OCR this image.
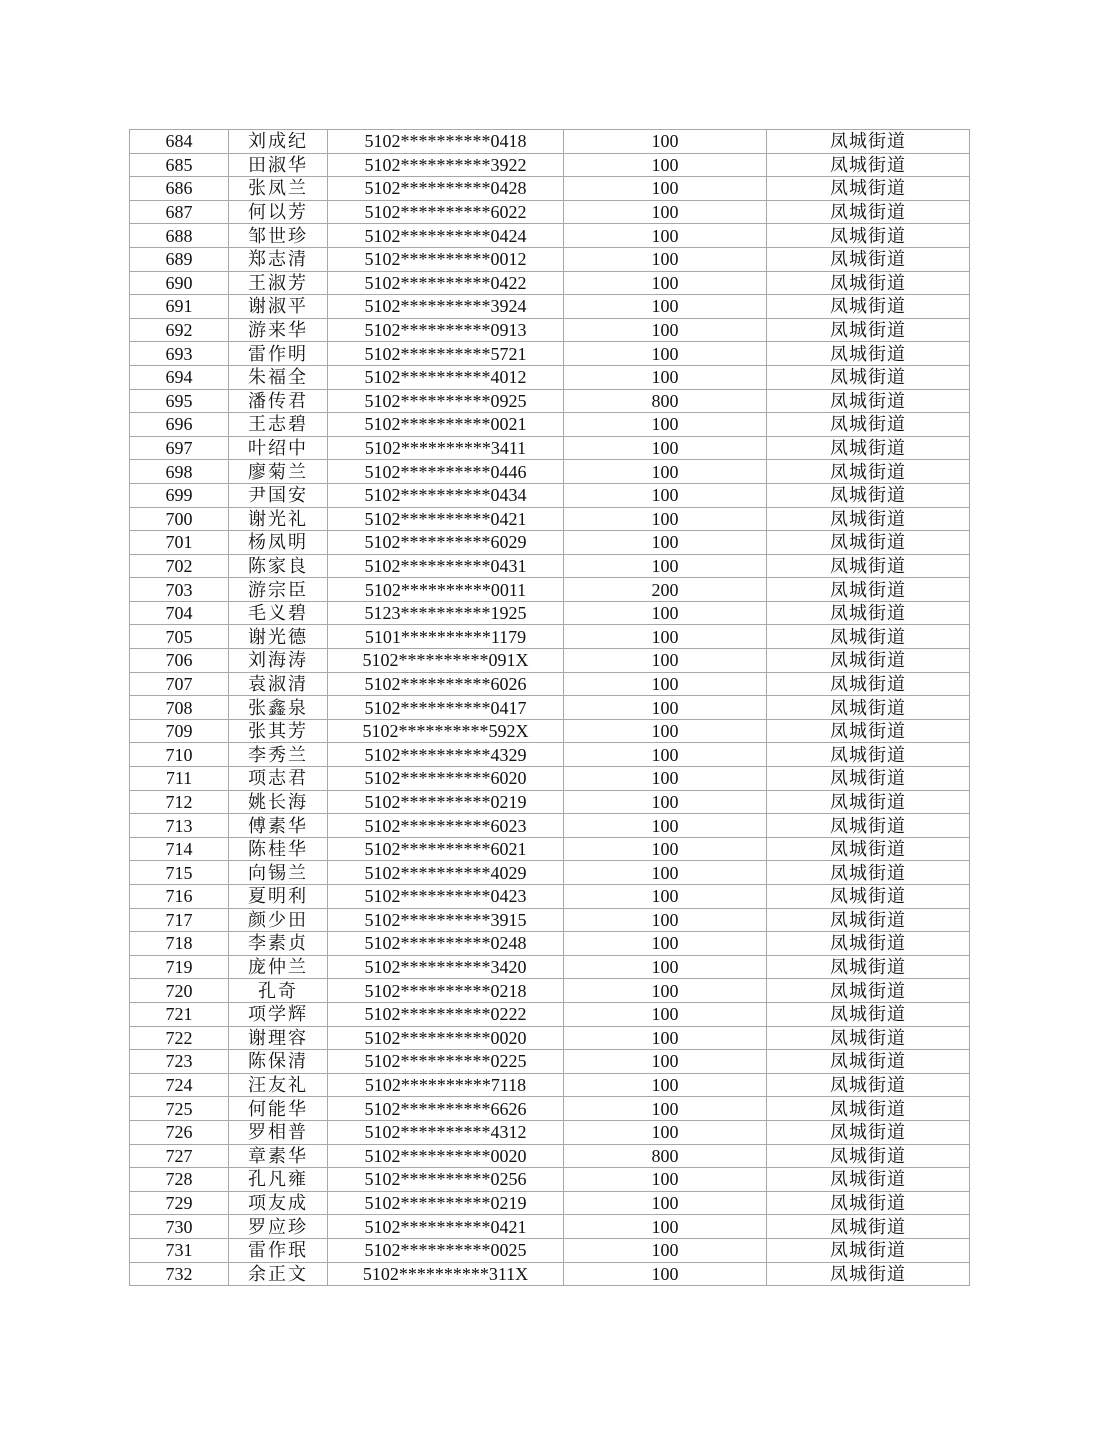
684	刘成纪	5102**********0418	100	凤城街道
685	田淑华	5102**********3922	100	凤城街道
686	张凤兰	5102**********0428	100	凤城街道
687	何以芳	5102**********6022	100	凤城街道
688	邹世珍	5102**********0424	100	凤城街道
689	郑志清	5102**********0012	100	凤城街道
690	王淑芳	5102**********0422	100	凤城街道
691	谢淑平	5102**********3924	100	凤城街道
692	游来华	5102**********0913	100	凤城街道
693	雷作明	5102**********5721	100	凤城街道
694	朱福全	5102**********4012	100	凤城街道
695	潘传君	5102**********0925	800	凤城街道
696	王志碧	5102**********0021	100	凤城街道
697	叶绍中	5102**********3411	100	凤城街道
698	廖菊兰	5102**********0446	100	凤城街道
699	尹国安	5102**********0434	100	凤城街道
700	谢光礼	5102**********0421	100	凤城街道
701	杨凤明	5102**********6029	100	凤城街道
702	陈家良	5102**********0431	100	凤城街道
703	游宗臣	5102**********0011	200	凤城街道
704	毛义碧	5123**********1925	100	凤城街道
705	谢光德	5101**********1179	100	凤城街道
706	刘海涛	5102**********091X	100	凤城街道
707	袁淑清	5102**********6026	100	凤城街道
708	张鑫泉	5102**********0417	100	凤城街道
709	张其芳	5102**********592X	100	凤城街道
710	李秀兰	5102**********4329	100	凤城街道
711	项志君	5102**********6020	100	凤城街道
712	姚长海	5102**********0219	100	凤城街道
713	傅素华	5102**********6023	100	凤城街道
714	陈桂华	5102**********6021	100	凤城街道
715	向锡兰	5102**********4029	100	凤城街道
716	夏明利	5102**********0423	100	凤城街道
717	颜少田	5102**********3915	100	凤城街道
718	李素贞	5102**********0248	100	凤城街道
719	庞仲兰	5102**********3420	100	凤城街道
720	孔奇	5102**********0218	100	凤城街道
721	项学辉	5102**********0222	100	凤城街道
722	谢理容	5102**********0020	100	凤城街道
723	陈保清	5102**********0225	100	凤城街道
724	汪友礼	5102**********7118	100	凤城街道
725	何能华	5102**********6626	100	凤城街道
726	罗相普	5102**********4312	100	凤城街道
727	章素华	5102**********0020	800	凤城街道
728	孔凡雍	5102**********0256	100	凤城街道
729	项友成	5102**********0219	100	凤城街道
730	罗应珍	5102**********0421	100	凤城街道
731	雷作珉	5102**********0025	100	凤城街道
732	余正文	5102**********311X	100	凤城街道
